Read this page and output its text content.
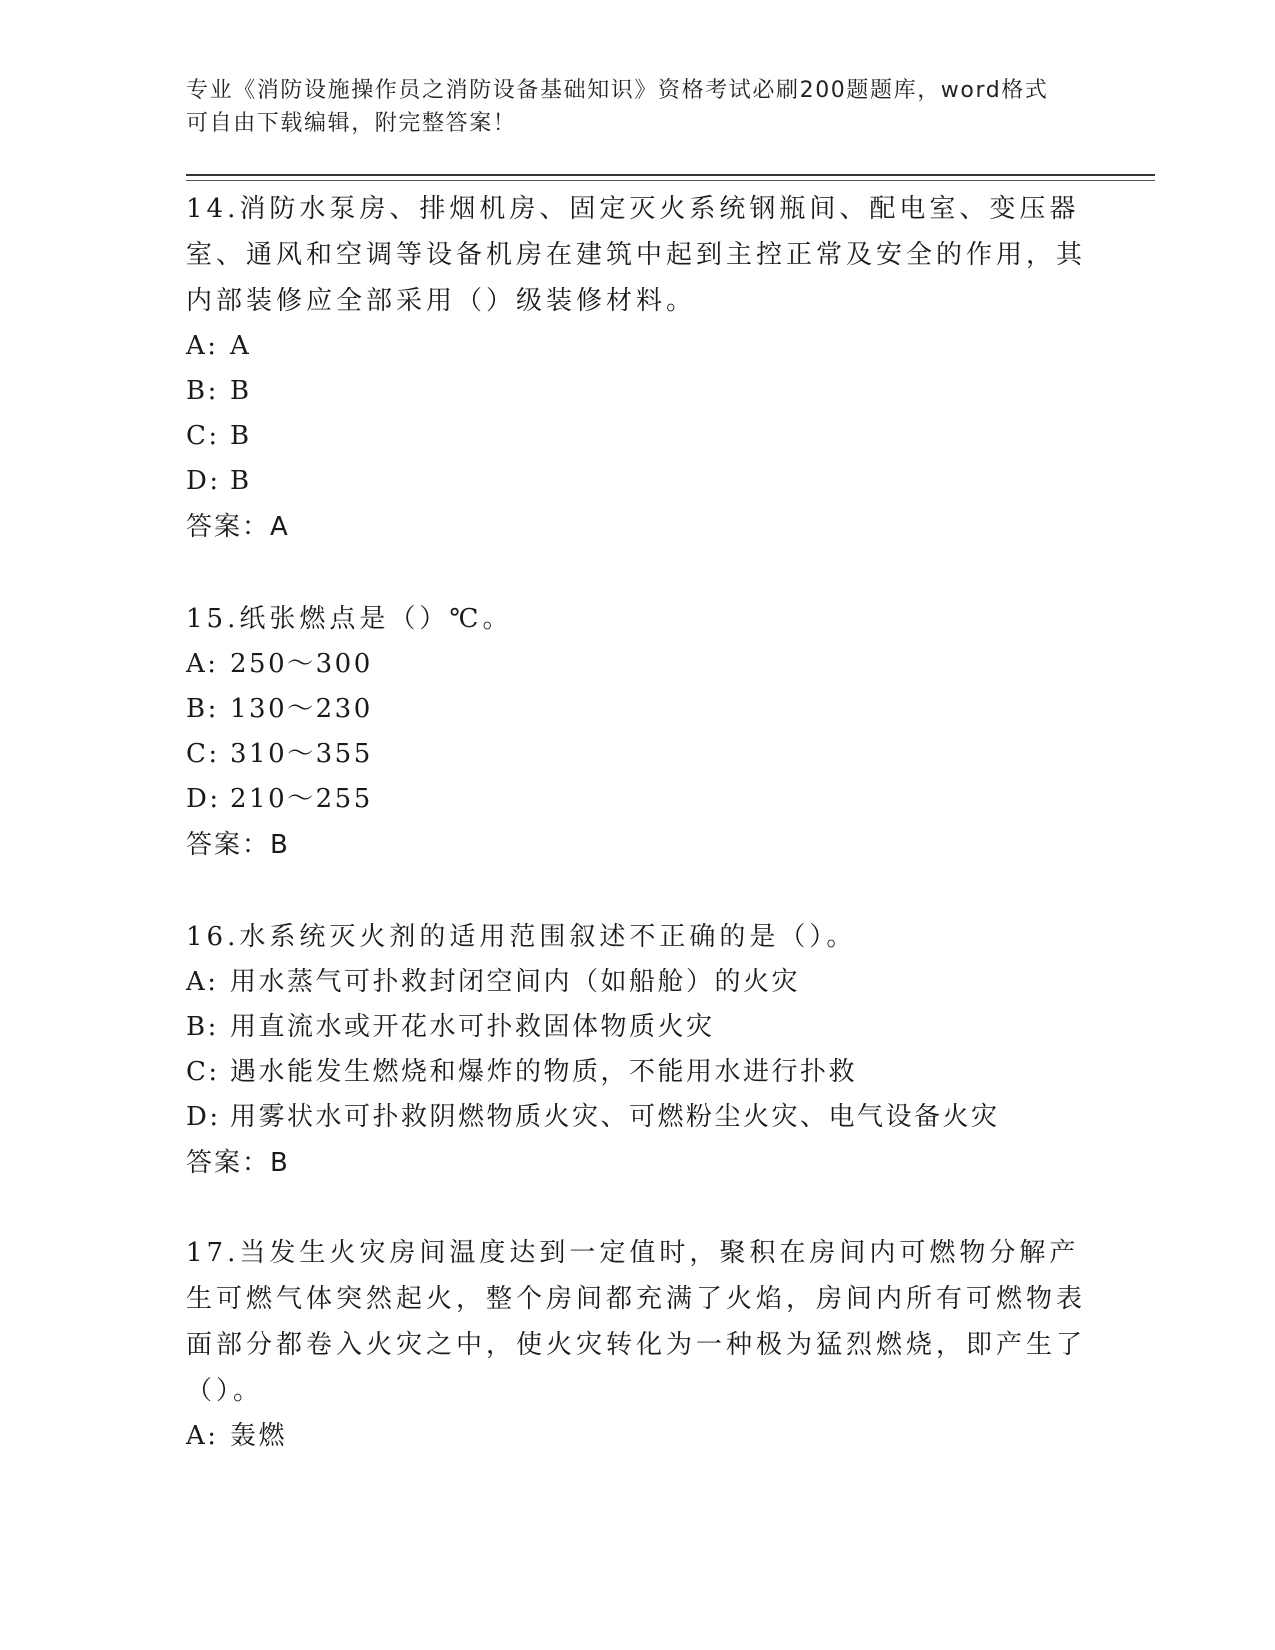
专业《消防设施操作员之消防设备基础知识》资格考试必刷200题题库，word格式可自由下载编辑，附完整答案！

14.消防水泵房、排烟机房、固定灭火系统钢瓶间、配电室、变压器室、通风和空调等设备机房在建筑中起到主控正常及安全的作用，其内部装修应全部采用（）级装修材料。

A: A

B: B

C: B

D: B

答案：A

15.纸张燃点是（）℃。

A: 250～300

B: 130～230

C: 310～355

D: 210～255

答案：B

16.水系统灭火剂的适用范围叙述不正确的是（）。

A: 用水蒸气可扑救封闭空间内（如船舱）的火灾

B: 用直流水或开花水可扑救固体物质火灾

C: 遇水能发生燃烧和爆炸的物质，不能用水进行扑救

D: 用雾状水可扑救阴燃物质火灾、可燃粉尘火灾、电气设备火灾

答案：B

17.当发生火灾房间温度达到一定值时，聚积在房间内可燃物分解产生可燃气体突然起火，整个房间都充满了火焰，房间内所有可燃物表面部分都卷入火灾之中，使火灾转化为一种极为猛烈燃烧，即产生了（）。

A: 轰燃
